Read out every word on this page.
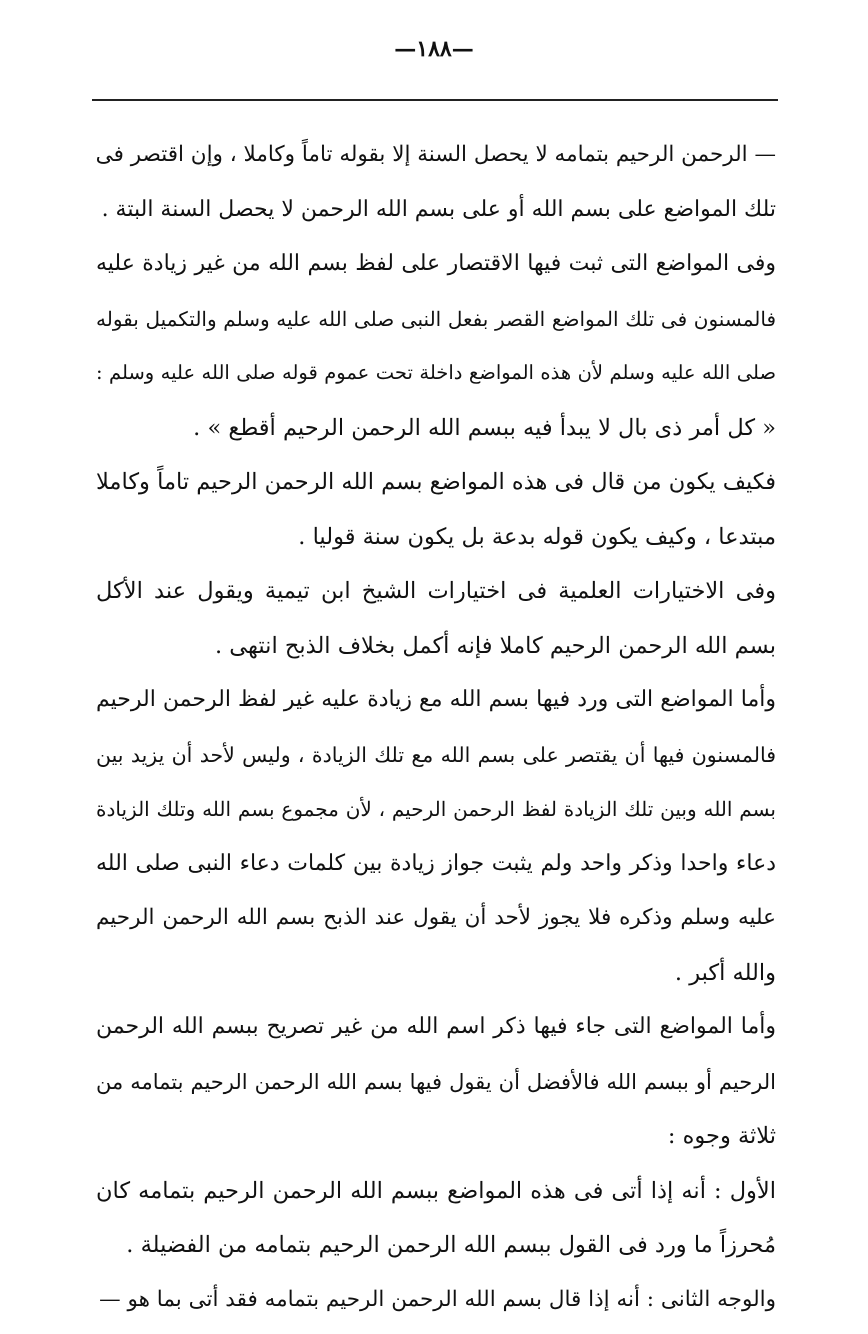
—١٨٨—
— الرحمن الرحيم بتمامه لا يحصل السنة إلا بقوله تاماً وكاملا ، وإن اقتصر فى
تلك المواضع على بسم الله أو على بسم الله الرحمن لا يحصل السنة البتة .
وفى المواضع التى ثبت فيها الاقتصار على لفظ بسم الله من غير زيادة عليه
فالمسنون فى تلك المواضع القصر بفعل النبى صلى الله عليه وسلم والتكميل بقوله
صلى الله عليه وسلم لأن هذه المواضع داخلة تحت عموم قوله صلى الله عليه وسلم :
« كل أمر ذى بال لا يبدأ فيه ببسم الله الرحمن الرحيم أقطع » .
فكيف يكون من قال فى هذه المواضع بسم الله الرحمن الرحيم تاماً وكاملا
مبتدعا ، وكيف يكون قوله بدعة بل يكون سنة قوليا .
وفى الاختيارات العلمية فى اختيارات الشيخ ابن تيمية ويقول عند الأكل
بسم الله الرحمن الرحيم كاملا فإنه أكمل بخلاف الذبح انتهى .
وأما المواضع التى ورد فيها بسم الله مع زيادة عليه غير لفظ الرحمن الرحيم
فالمسنون فيها أن يقتصر على بسم الله مع تلك الزيادة ، وليس لأحد أن يزيد بين
بسم الله وبين تلك الزيادة لفظ الرحمن الرحيم ، لأن مجموع بسم الله وتلك الزيادة
دعاء واحدا وذكر واحد ولم يثبت جواز زيادة بين كلمات دعاء النبى صلى الله
عليه وسلم وذكره فلا يجوز لأحد أن يقول عند الذبح بسم الله الرحمن الرحيم
والله أكبر .
وأما المواضع التى جاء فيها ذكر اسم الله من غير تصريح ببسم الله الرحمن
الرحيم أو ببسم الله فالأفضل أن يقول فيها بسم الله الرحمن الرحيم بتمامه من
ثلاثة وجوه :
الأول : أنه إذا أتى فى هذه المواضع ببسم الله الرحمن الرحيم بتمامه كان
مُحرزاً ما ورد فى القول ببسم الله الرحمن الرحيم بتمامه من الفضيلة .
والوجه الثانى : أنه إذا قال بسم الله الرحمن الرحيم بتمامه فقد أتى بما هو —
